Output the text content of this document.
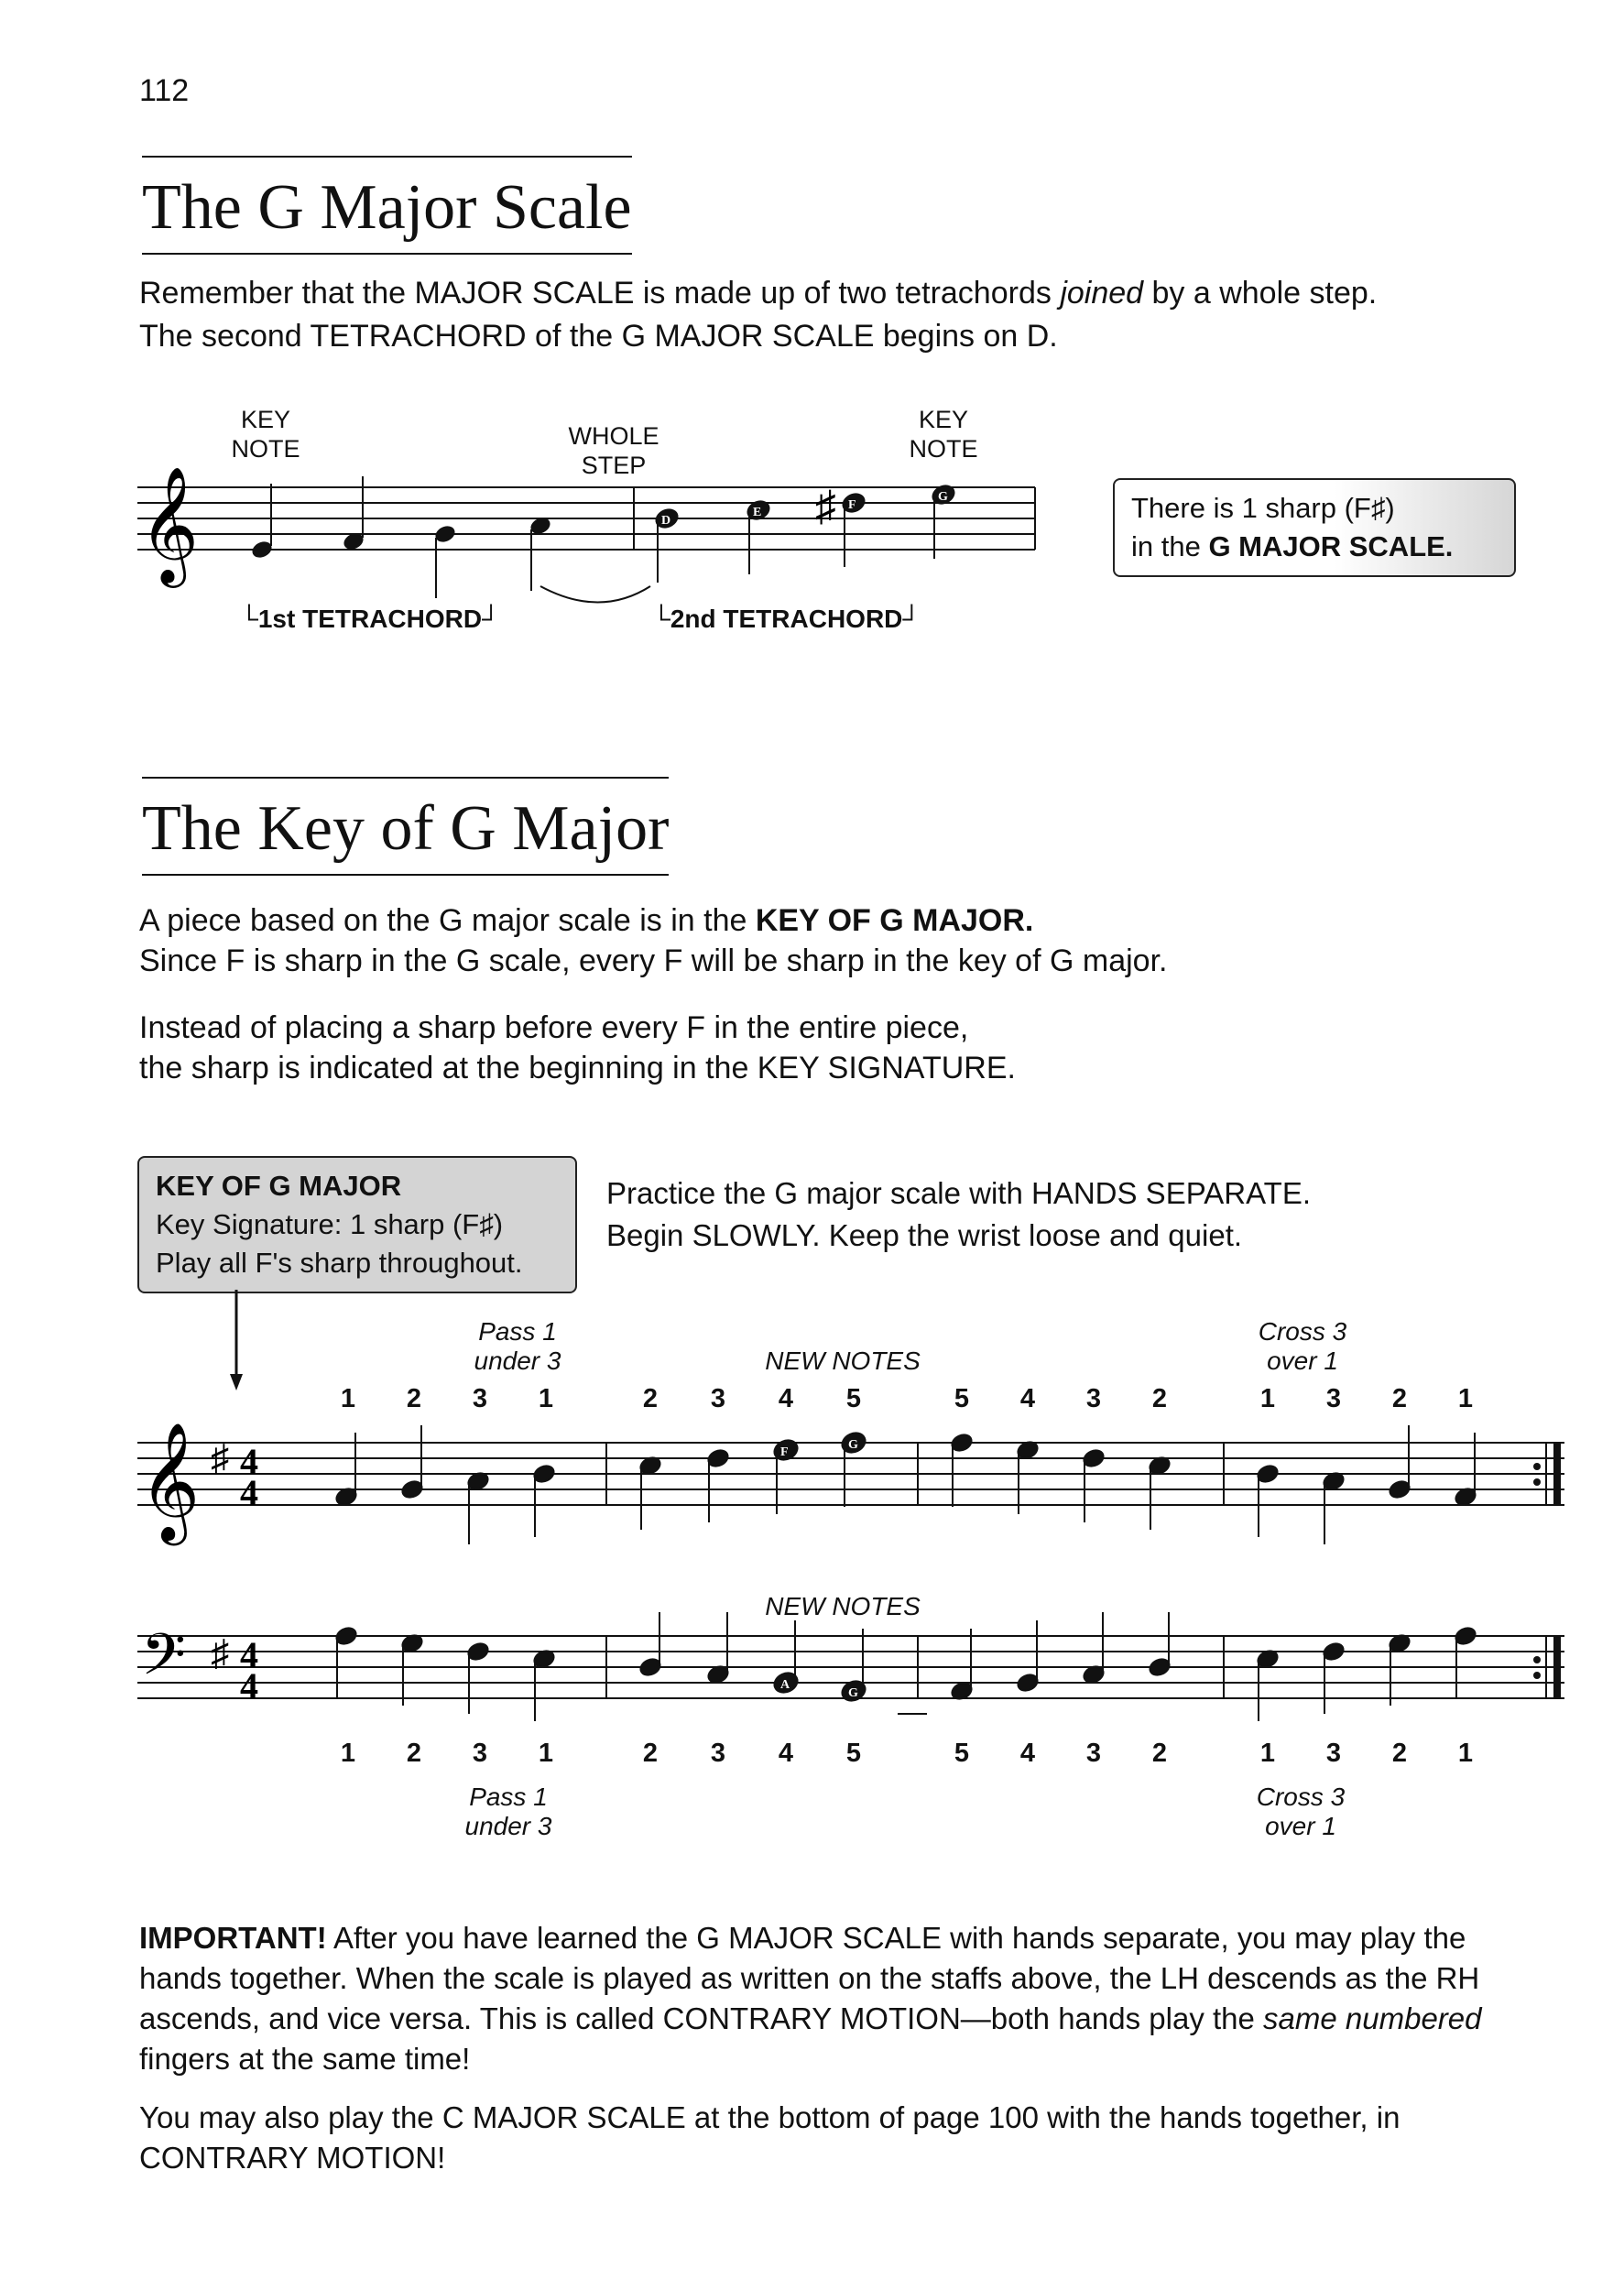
112
The G Major Scale
Remember that the MAJOR SCALE is made up of two tetrachords joined by a whole step.
The second TETRACHORD of the G MAJOR SCALE begins on D.
KEY
NOTE	WHOLE
STEP
KEY
NOTE
𝄞	D
E ♯ F
G
└1st TETRACHORD┘	└2nd TETRACHORD┘
There is 1 sharp (F♯)
in the G MAJOR SCALE.
The Key of G Major
A piece based on the G major scale is in the KEY OF G MAJOR.
Since F is sharp in the G scale, every F will be sharp in the key of G major.
Instead of placing a sharp before every F in the entire piece,
the sharp is indicated at the beginning in the KEY SIGNATURE.
KEY OF G MAJOR
Key Signature: 1 sharp (F♯)
Play all F's sharp throughout.
Practice the G major scale with HANDS SEPARATE.
Begin SLOWLY. Keep the wrist loose and quiet.
Pass 1
under 3	NEW NOTES
Cross 3
over 1
1	2	3	1	2	3	4	5	5	4	3	2	1	3	2	1
𝄞 ♯ 4
4
F
G
NEW NOTES
𝄢 ♯ 4
4	A
G
1	2	3	1	2	3	4	5	5	4	3	2	1	3	2	1
Pass 1
under 3
Cross 3
over 1
IMPORTANT! After you have learned the G MAJOR SCALE with hands separate, you may play the
hands together. When the scale is played as written on the staffs above, the LH descends as the RH
ascends, and vice versa. This is called CONTRARY MOTION—both hands play the same numbered
fingers at the same time!
You may also play the C MAJOR SCALE at the bottom of page 100 with the hands together, in
CONTRARY MOTION!
